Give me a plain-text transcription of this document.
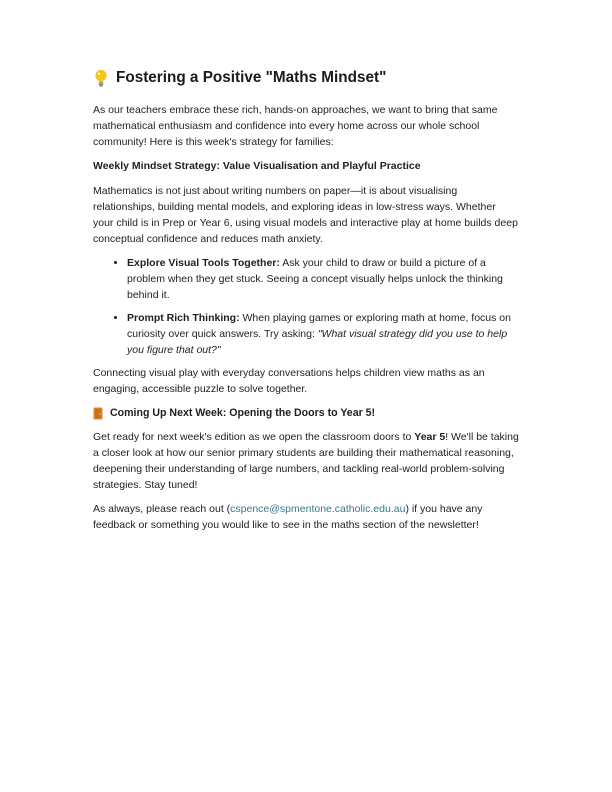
Fostering a Positive "Maths Mindset"

As our teachers embrace these rich, hands-on approaches, we want to bring that same mathematical enthusiasm and confidence into every home across our whole school community! Here is this week's strategy for families:

Weekly Mindset Strategy: Value Visualisation and Playful Practice

Mathematics is not just about writing numbers on paper—it is about visualising relationships, building mental models, and exploring ideas in low-stress ways. Whether your child is in Prep or Year 6, using visual models and interactive play at home builds deep conceptual confidence and reduces math anxiety.

• Explore Visual Tools Together: Ask your child to draw or build a picture of a problem when they get stuck. Seeing a concept visually helps unlock the thinking behind it.
• Prompt Rich Thinking: When playing games or exploring math at home, focus on curiosity over quick answers. Try asking: "What visual strategy did you use to help you figure that out?"

Connecting visual play with everyday conversations helps children view maths as an engaging, accessible puzzle to solve together.

Coming Up Next Week: Opening the Doors to Year 5!

Get ready for next week's edition as we open the classroom doors to Year 5! We'll be taking a closer look at how our senior primary students are building their mathematical reasoning, deepening their understanding of large numbers, and tackling real-world problem-solving strategies. Stay tuned!

As always, please reach out (cspence@spmentone.catholic.edu.au) if you have any feedback or something you would like to see in the maths section of the newsletter!
